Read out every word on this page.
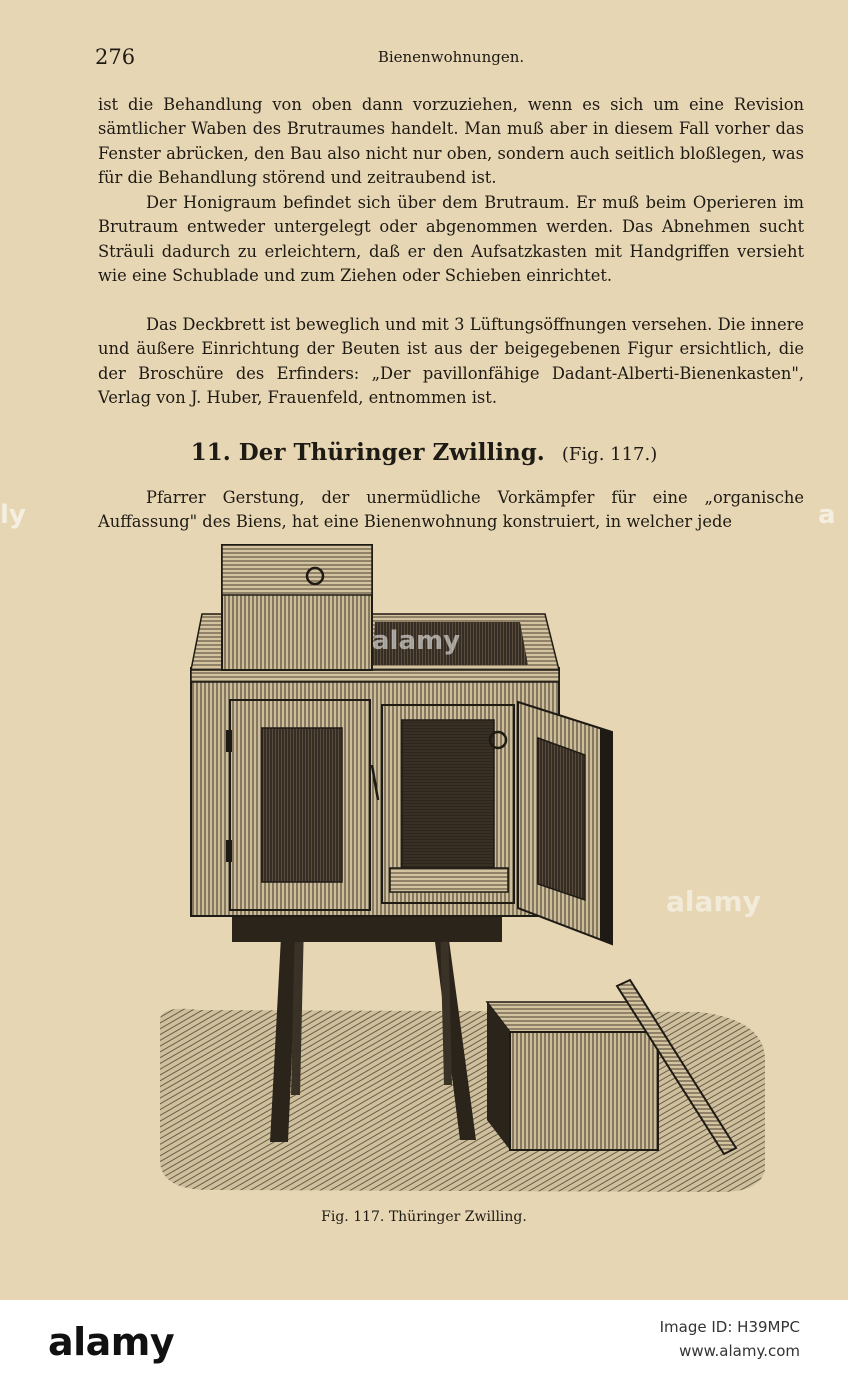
276	Bienenwohnungen.

ist die Behandlung von oben dann vorzuziehen, wenn es sich um eine Revision sämtlicher Waben des Brutraumes handelt. Man muß aber in diesem Fall vorher das Fenster abrücken, den Bau also nicht nur oben, sondern auch seitlich bloßlegen, was für die Behandlung störend und zeitraubend ist.

Der Honigraum befindet sich über dem Brutraum. Er muß beim Operieren im Brutraum entweder untergelegt oder abgenommen werden. Das Abnehmen sucht Sträuli dadurch zu erleichtern, daß er den Aufsatzkasten mit Handgriffen versieht wie eine Schublade und zum Ziehen oder Schieben einrichtet.

Das Deckbrett ist beweglich und mit 3 Lüftungsöffnungen versehen. Die innere und äußere Einrichtung der Beuten ist aus der beigegebenen Figur ersichtlich, die der Broschüre des Erfinders: „Der pavillonfähige Dadant-Alberti-Bienenkasten", Verlag von J. Huber, Frauenfeld, entnommen ist.

11. Der Thüringer Zwilling. (Fig. 117.)

Pfarrer Gerstung, der unermüdliche Vorkämpfer für eine „organische Auffassung" des Biens, hat eine Bienenwohnung konstruiert, in welcher jede

alamy
alamy
ly	a
Fig. 117. Thüringer Zwilling.
alamy	Image ID: H39MPC
www.alamy.com
